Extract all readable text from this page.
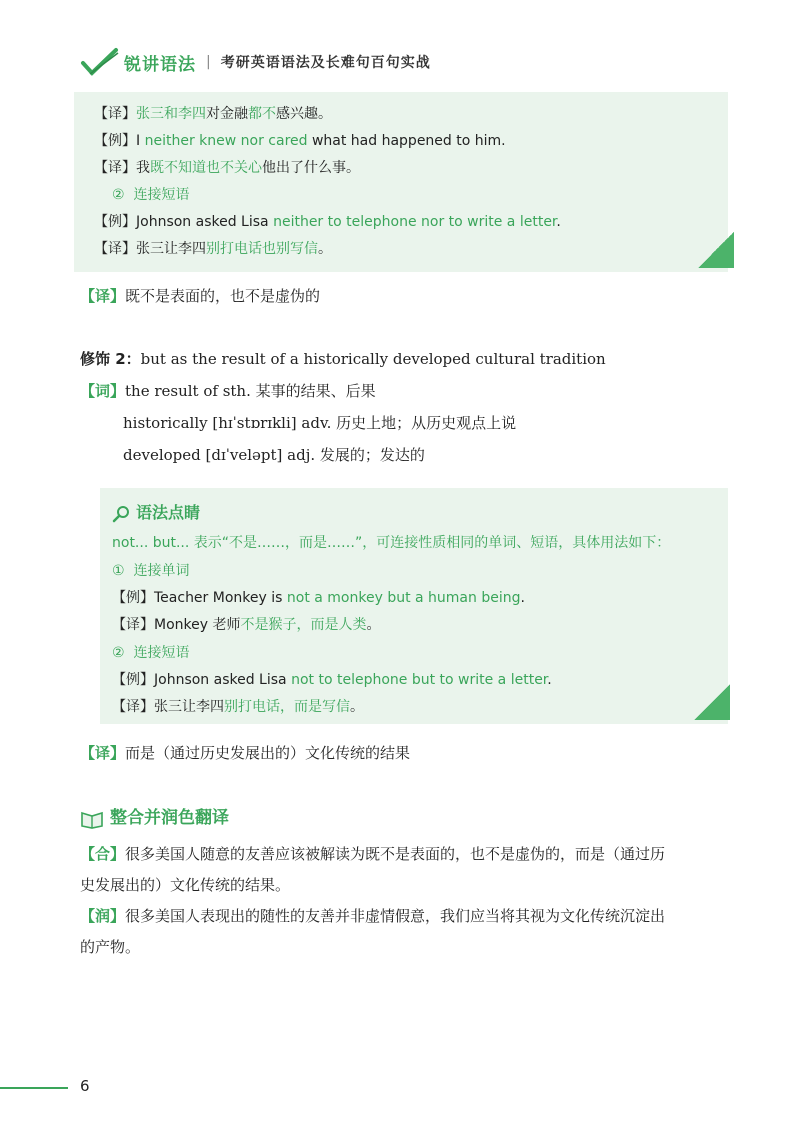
锐讲语法 | 考研英语语法及长难句百句实战
【译】张三和李四对金融都不感兴趣。
【例】I neither knew nor cared what had happened to him.
【译】我既不知道也不关心他出了什么事。
② 连接短语
【例】Johnson asked Lisa neither to telephone nor to write a letter.
【译】张三让李四别打电话也别写信。
【译】既不是表面的，也不是虚伪的
修饰 2：but as the result of a historically developed cultural tradition
【词】the result of sth. 某事的结果、后果
historically [hɪˈstɒrɪkli] adv. 历史上地；从历史观点上说
developed [dɪˈveləpt] adj. 发展的；发达的
语法点睛
not... but... 表示“不是……，而是……”，可连接性质相同的单词、短语，具体用法如下：
① 连接单词
【例】Teacher Monkey is not a monkey but a human being.
【译】Monkey 老师不是猴子，而是人类。
② 连接短语
【例】Johnson asked Lisa not to telephone but to write a letter.
【译】张三让李四别打电话，而是写信。
【译】而是（通过历史发展出的）文化传统的结果
整合并润色翻译
【合】很多美国人随意的友善应该被解读为既不是表面的，也不是虚伪的，而是（通过历
史发展出的）文化传统的结果。
【润】很多美国人表现出的随性的友善并非虚情假意，我们应当将其视为文化传统沉淀出
的产物。
6
